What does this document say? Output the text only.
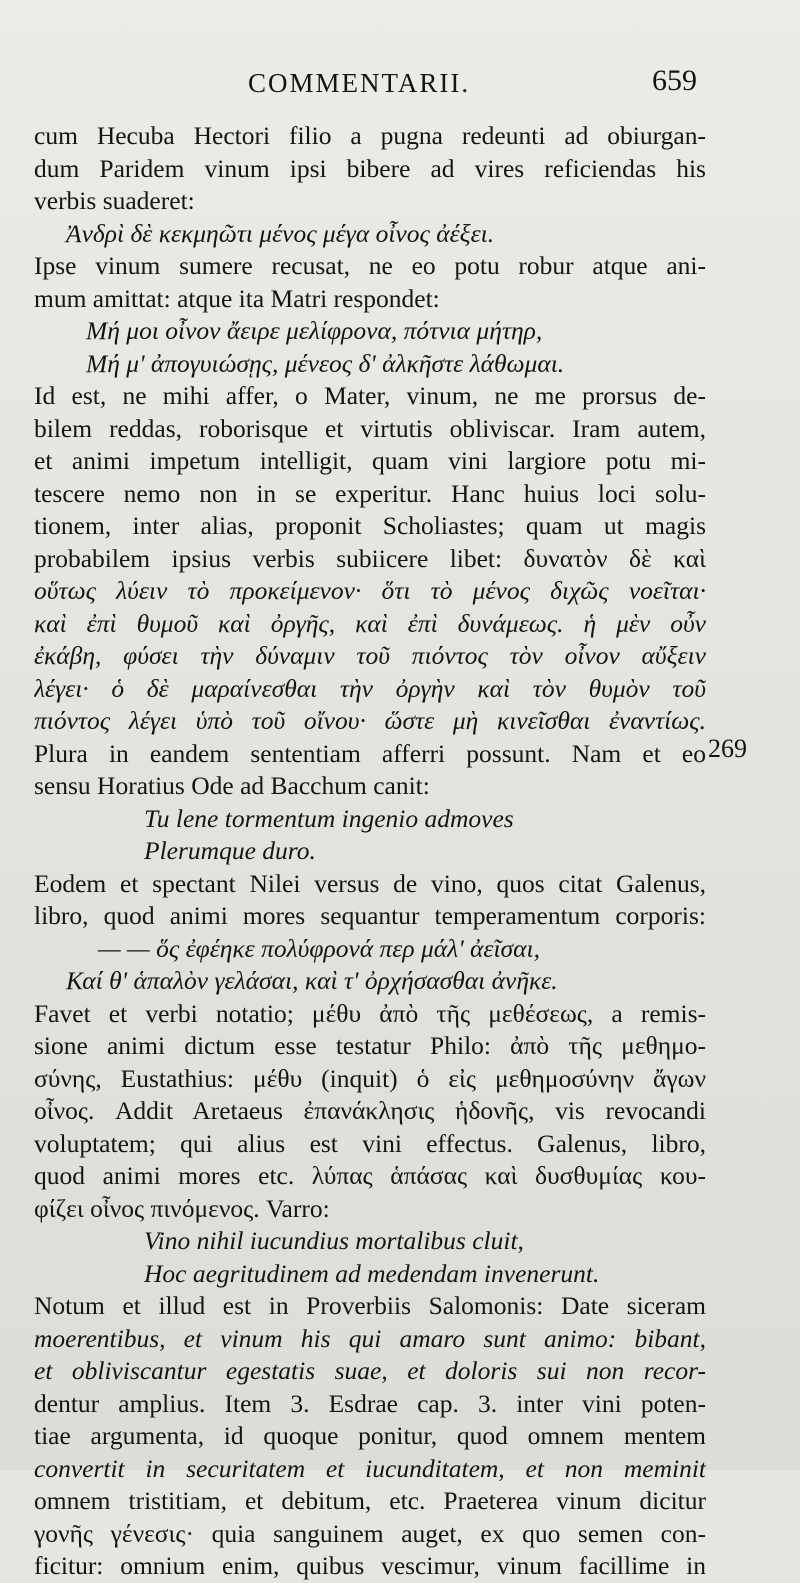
COMMENTARII.	659
cum Hecuba Hectori filio a pugna redeunti ad obiurgan-
dum Paridem vinum ipsi bibere ad vires reficiendas his
verbis suaderet:
Ἀνδρὶ δὲ κεκμηῶτι μένος μέγα οἶνος ἀέξει.
Ipse vinum sumere recusat, ne eo potu robur atque ani-
mum amittat: atque ita Matri respondet:
Μή μοι οἶνον ἄειρε μελίφρονα, πότνια μήτηρ,
Μή μ' ἀπογυιώσῃς, μένεος δ' ἀλκῆστε λάθωμαι.
Id est, ne mihi affer, o Mater, vinum, ne me prorsus de-
bilem reddas, roborisque et virtutis obliviscar. Iram autem,
et animi impetum intelligit, quam vini largiore potu mi-
tescere nemo non in se experitur. Hanc huius loci solu-
tionem, inter alias, proponit Scholiastes; quam ut magis
probabilem ipsius verbis subiicere libet: δυνατὸν δὲ καὶ
οὕτως λύειν τὸ προκείμενον· ὅτι τὸ μένος διχῶς νοεῖται·
καὶ ἐπὶ θυμοῦ καὶ ὀργῆς, καὶ ἐπὶ δυνάμεως. ἡ μὲν οὖν
ἐκάβη, φύσει τὴν δύναμιν τοῦ πιόντος τὸν οἶνον αὔξειν
λέγει· ὁ δὲ μαραίνεσθαι τὴν ὀργὴν καὶ τὸν θυμὸν τοῦ
πιόντος λέγει ὑπὸ τοῦ οἴνου· ὥστε μὴ κινεῖσθαι ἐναντίως.
Plura in eandem sententiam afferri possunt. Nam et eo
sensu Horatius Ode ad Bacchum canit:
Tu lene tormentum ingenio admoves
Plerumque duro.
Eodem et spectant Nilei versus de vino, quos citat Galenus,
libro, quod animi mores sequantur temperamentum corporis:
— — ὅς ἐφέηκε πολύφρονά περ μάλ' ἀεῖσαι,
Καί θ' ἁπαλὸν γελάσαι, καὶ τ' ὀρχήσασθαι ἀνῆκε.
Favet et verbi notatio; μέθυ ἀπὸ τῆς μεθέσεως, a remis-
sione animi dictum esse testatur Philo: ἀπὸ τῆς μεθημο-
σύνης, Eustathius: μέθυ (inquit) ὁ εἰς μεθημοσύνην ἄγων
οἶνος. Addit Aretaeus ἐπανάκλησις ἡδονῆς, vis revocandi
voluptatem; qui alius est vini effectus. Galenus, libro,
quod animi mores etc. λύπας ἁπάσας καὶ δυσθυμίας κου-
φίζει οἶνος πινόμενος. Varro:
Vino nihil iucundius mortalibus cluit,
Hoc aegritudinem ad medendam invenerunt.
Notum et illud est in Proverbiis Salomonis: Date siceram
moerentibus, et vinum his qui amaro sunt animo: bibant,
et obliviscantur egestatis suae, et doloris sui non recor-
dentur amplius. Item 3. Esdrae cap. 3. inter vini poten-
tiae argumenta, id quoque ponitur, quod omnem mentem
convertit in securitatem et iucunditatem, et non meminit
omnem tristitiam, et debitum, etc. Praeterea vinum dicitur
γονῆς γένεσις· quia sanguinem auget, ex quo semen con-
ficitur: omnium enim, quibus vescimur, vinum facillime in
269
